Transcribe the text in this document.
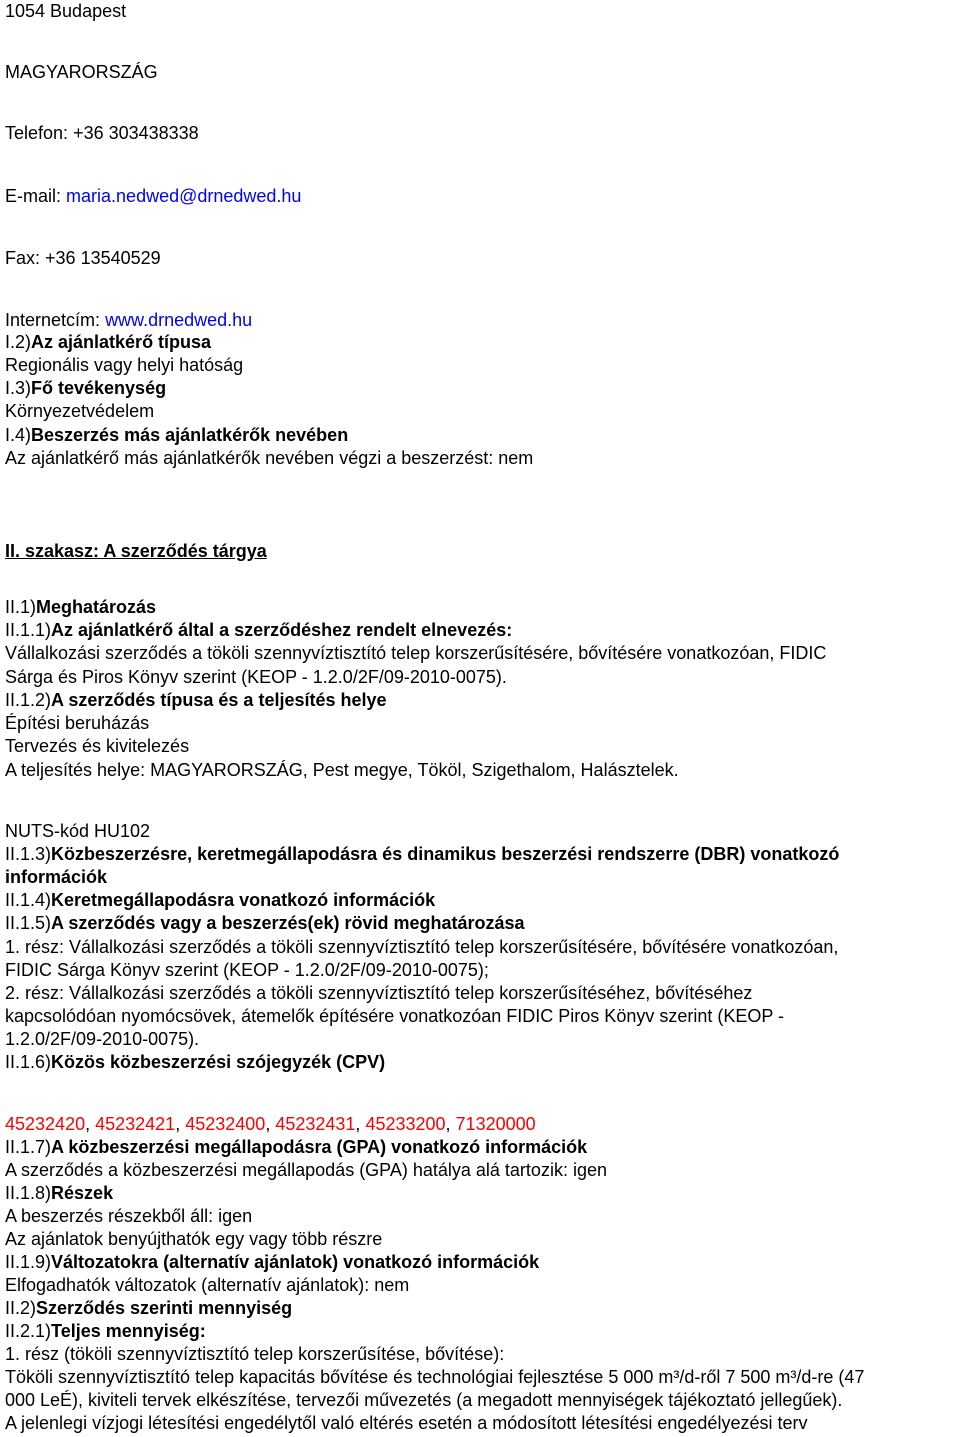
1054 Budapest
MAGYARORSZÁG
Telefon: +36 303438338
E-mail: maria.nedwed@drnedwed.hu
Fax: +36 13540529
Internetcím: www.drnedwed.hu
I.2)Az ajánlatkérő típusa
Regionális vagy helyi hatóság
I.3)Fő tevékenység
Környezetvédelem
I.4)Beszerzés más ajánlatkérők nevében
Az ajánlatkérő más ajánlatkérők nevében végzi a beszerzést: nem
II. szakasz: A szerződés tárgya
II.1)Meghatározás
II.1.1)Az ajánlatkérő által a szerződéshez rendelt elnevezés:
Vállalkozási szerződés a tököli szennyvíztisztító telep korszerűsítésére, bővítésére vonatkozóan, FIDIC
Sárga és Piros Könyv szerint (KEOP - 1.2.0/2F/09-2010-0075).
II.1.2)A szerződés típusa és a teljesítés helye
Építési beruházás
Tervezés és kivitelezés
A teljesítés helye: MAGYARORSZÁG, Pest megye, Tököl, Szigethalom, Halásztelek.
NUTS-kód HU102
II.1.3)Közbeszerzésre, keretmegállapodásra és dinamikus beszerzési rendszerre (DBR) vonatkozó
információk
II.1.4)Keretmegállapodásra vonatkozó információk
II.1.5)A szerződés vagy a beszerzés(ek) rövid meghatározása
1. rész: Vállalkozási szerződés a tököli szennyvíztisztító telep korszerűsítésére, bővítésére vonatkozóan,
FIDIC Sárga Könyv szerint (KEOP - 1.2.0/2F/09-2010-0075);
2. rész: Vállalkozási szerződés a tököli szennyvíztisztító telep korszerűsítéséhez, bővítéséhez
kapcsolódóan nyomócsövek, átemelők építésére vonatkozóan FIDIC Piros Könyv szerint (KEOP -
1.2.0/2F/09-2010-0075).
II.1.6)Közös közbeszerzési szójegyzék (CPV)
45232420, 45232421, 45232400, 45232431, 45233200, 71320000
II.1.7)A közbeszerzési megállapodásra (GPA) vonatkozó információk
A szerződés a közbeszerzési megállapodás (GPA) hatálya alá tartozik: igen
II.1.8)Részek
A beszerzés részekből áll: igen
Az ajánlatok benyújthatók egy vagy több részre
II.1.9)Változatokra (alternatív ajánlatok) vonatkozó információk
Elfogadhatók változatok (alternatív ajánlatok): nem
II.2)Szerződés szerinti mennyiség
II.2.1)Teljes mennyiség:
1. rész (tököli szennyvíztisztító telep korszerűsítése, bővítése):
Tököli szennyvíztisztító telep kapacitás bővítése és technológiai fejlesztése 5 000 m³/d-ről 7 500 m³/d-re (47
000 LeÉ), kiviteli tervek elkészítése, tervezői művezetés (a megadott mennyiségek tájékoztató jellegűek).
A jelenlegi vízjogi létesítési engedélytől való eltérés esetén a módosított létesítési engedélyezési terv
